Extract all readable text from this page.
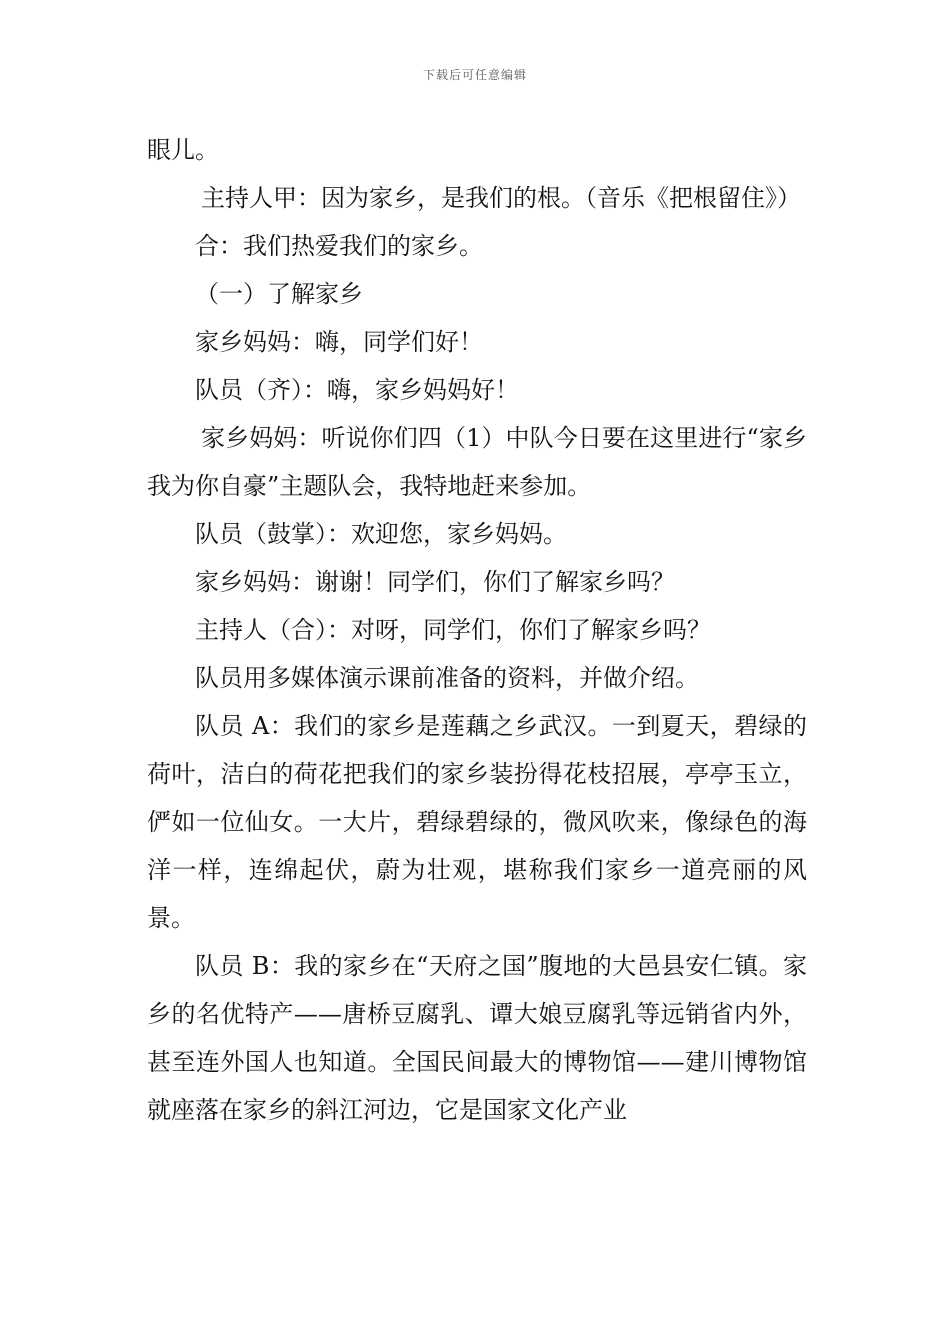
下载后可任意编辑

眼儿。

主持人甲：因为家乡，是我们的根。（音乐《把根留住》）

合：我们热爱我们的家乡。

（一）了解家乡

家乡妈妈：嗨，同学们好！

队员（齐）：嗨，家乡妈妈好！

家乡妈妈：听说你们四（1）中队今日要在这里进行“家乡我为你自豪”主题队会，我特地赶来参加。

队员（鼓掌）：欢迎您，家乡妈妈。

家乡妈妈：谢谢！同学们，你们了解家乡吗？

主持人（合）：对呀，同学们，你们了解家乡吗？

队员用多媒体演示课前准备的资料，并做介绍。

队员 A：我们的家乡是莲藕之乡武汉。一到夏天，碧绿的荷叶，洁白的荷花把我们的家乡装扮得花枝招展，亭亭玉立，俨如一位仙女。一大片，碧绿碧绿的，微风吹来，像绿色的海洋一样，连绵起伏，蔚为壮观，堪称我们家乡一道亮丽的风景。

队员 B：我的家乡在“天府之国”腹地的大邑县安仁镇。家乡的名优特产——唐桥豆腐乳、谭大娘豆腐乳等远销省内外，甚至连外国人也知道。全国民间最大的博物馆——建川博物馆就座落在家乡的斜江河边，它是国家文化产业
